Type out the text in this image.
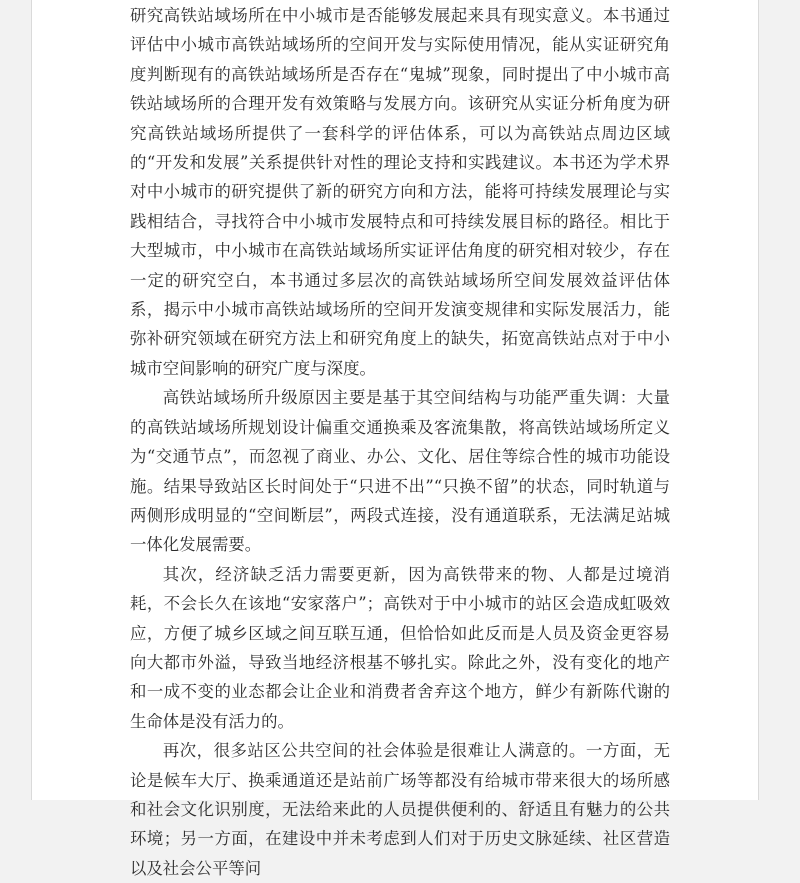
研究高铁站域场所在中小城市是否能够发展起来具有现实意义。本书通过评估中小城市高铁站域场所的空间开发与实际使用情况，能从实证研究角度判断现有的高铁站域场所是否存在“鬼城”现象，同时提出了中小城市高铁站域场所的合理开发有效策略与发展方向。该研究从实证分析角度为研究高铁站域场所提供了一套科学的评估体系，可以为高铁站点周边区域的“开发和发展”关系提供针对性的理论支持和实践建议。本书还为学术界对中小城市的研究提供了新的研究方向和方法，能将可持续发展理论与实践相结合，寻找符合中小城市发展特点和可持续发展目标的路径。相比于大型城市，中小城市在高铁站域场所实证评估角度的研究相对较少，存在一定的研究空白，本书通过多层次的高铁站域场所空间发展效益评估体系，揭示中小城市高铁站域场所的空间开发演变规律和实际发展活力，能弥补研究领域在研究方法上和研究角度上的缺失，拓宽高铁站点对于中小城市空间影响的研究广度与深度。

高铁站域场所升级原因主要是基于其空间结构与功能严重失调：大量的高铁站域场所规划设计偏重交通换乘及客流集散，将高铁站域场所定义为“交通节点”，而忽视了商业、办公、文化、居住等综合性的城市功能设施。结果导致站区长时间处于“只进不出”“只换不留”的状态，同时轨道与两侧形成明显的“空间断层”，两段式连接，没有通道联系，无法满足站城一体化发展需要。

其次，经济缺乏活力需要更新，因为高铁带来的物、人都是过境消耗，不会长久在该地“安家落户”；高铁对于中小城市的站区会造成虹吸效应，方便了城乡区域之间互联互通，但恰恰如此反而是人员及资金更容易向大都市外溢，导致当地经济根基不够扎实。除此之外，没有变化的地产和一成不变的业态都会让企业和消费者舍弃这个地方，鲜少有新陈代谢的生命体是没有活力的。

再次，很多站区公共空间的社会体验是很难让人满意的。一方面，无论是候车大厅、换乘通道还是站前广场等都没有给城市带来很大的场所感和社会文化识别度，无法给来此的人员提供便利的、舒适且有魅力的公共环境；另一方面，在建设中并未考虑到人们对于历史文脉延续、社区营造以及社会公平等问
